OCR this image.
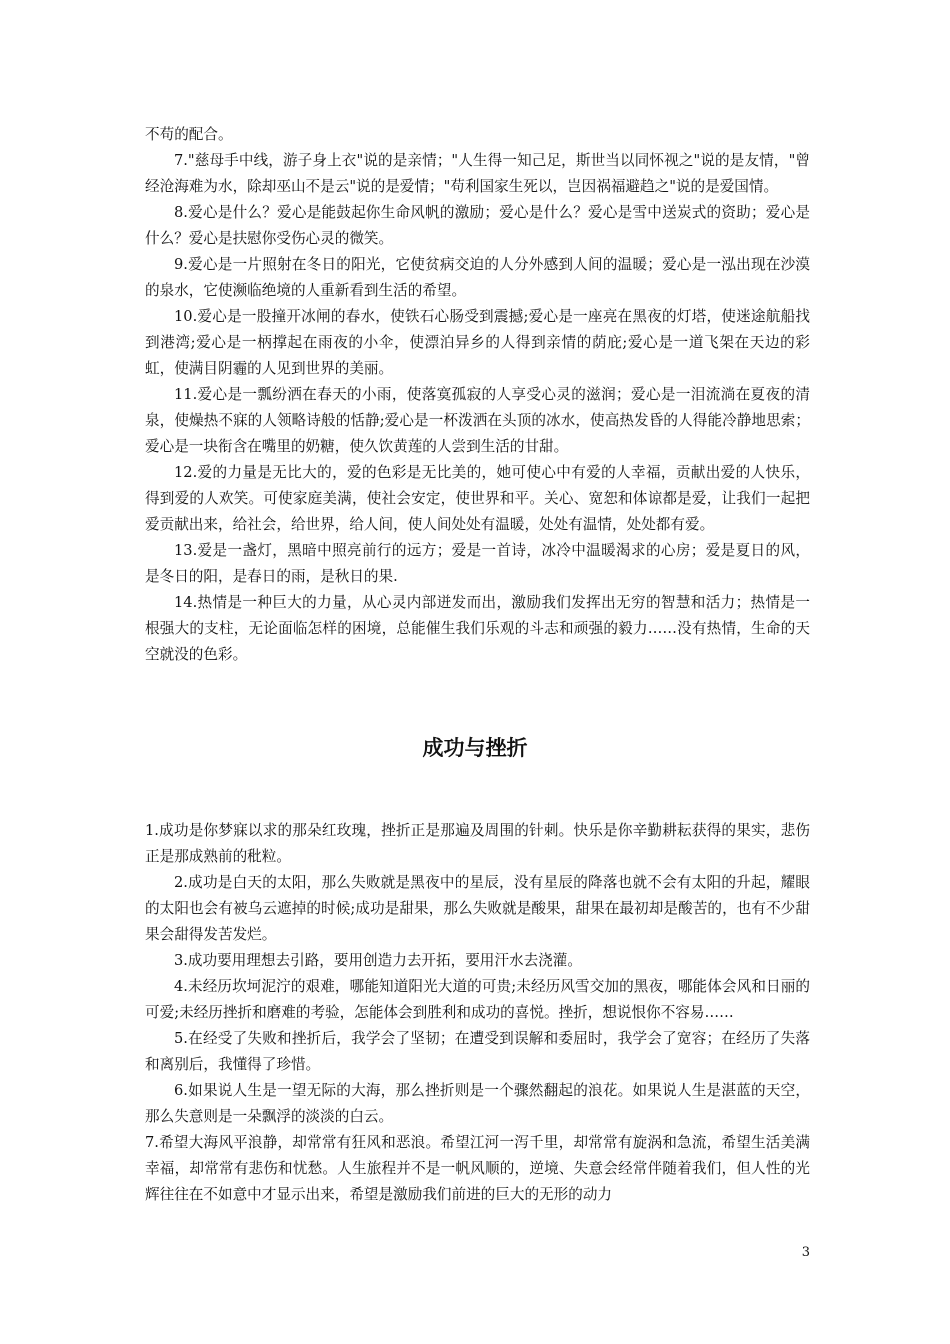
不苟的配合。

7."慈母手中线，游子身上衣"说的是亲情；"人生得一知己足，斯世当以同怀视之"说的是友情，"曾经沧海难为水，除却巫山不是云"说的是爱情；"苟利国家生死以，岂因祸福避趋之"说的是爱国情。

8.爱心是什么？爱心是能鼓起你生命风帆的激励；爱心是什么？爱心是雪中送炭式的资助；爱心是什么？爱心是扶慰你受伤心灵的微笑。

9.爱心是一片照射在冬日的阳光，它使贫病交迫的人分外感到人间的温暖；爱心是一泓出现在沙漠的泉水，它使濒临绝境的人重新看到生活的希望。

10.爱心是一股撞开冰闸的春水，使铁石心肠受到震撼;爱心是一座亮在黑夜的灯塔，使迷途航船找到港湾;爱心是一柄撑起在雨夜的小伞，使漂泊异乡的人得到亲情的荫庇;爱心是一道飞架在天边的彩虹，使满目阴霾的人见到世界的美丽。

11.爱心是一瓢纷洒在春天的小雨，使落寞孤寂的人享受心灵的滋润；爱心是一泪流淌在夏夜的清泉，使燥热不寐的人领略诗般的恬静;爱心是一杯泼洒在头顶的冰水，使高热发昏的人得能冷静地思索；爱心是一块衔含在嘴里的奶糖，使久饮黄莲的人尝到生活的甘甜。

12.爱的力量是无比大的，爱的色彩是无比美的，她可使心中有爱的人幸福，贡献出爱的人快乐，得到爱的人欢笑。可使家庭美满，使社会安定，使世界和平。关心、宽恕和体谅都是爱，让我们一起把爱贡献出来，给社会，给世界，给人间，使人间处处有温暖，处处有温情，处处都有爱。

13.爱是一盏灯，黑暗中照亮前行的远方；爱是一首诗，冰冷中温暖渴求的心房；爱是夏日的风，是冬日的阳，是春日的雨，是秋日的果.

14.热情是一种巨大的力量，从心灵内部迸发而出，激励我们发挥出无穷的智慧和活力；热情是一根强大的支柱，无论面临怎样的困境，总能催生我们乐观的斗志和顽强的毅力……没有热情，生命的天空就没的色彩。

成功与挫折

1.成功是你梦寐以求的那朵红玫瑰，挫折正是那遍及周围的针刺。快乐是你辛勤耕耘获得的果实，悲伤正是那成熟前的秕粒。

2.成功是白天的太阳，那么失败就是黑夜中的星辰，没有星辰的降落也就不会有太阳的升起，耀眼的太阳也会有被乌云遮掉的时候;成功是甜果，那么失败就是酸果，甜果在最初却是酸苦的，也有不少甜果会甜得发苦发烂。

3.成功要用理想去引路，要用创造力去开拓，要用汗水去浇灌。

4.未经历坎坷泥泞的艰难，哪能知道阳光大道的可贵;未经历风雪交加的黑夜，哪能体会风和日丽的可爱;未经历挫折和磨难的考验，怎能体会到胜利和成功的喜悦。挫折，想说恨你不容易……

5.在经受了失败和挫折后，我学会了坚韧；在遭受到误解和委屈时，我学会了宽容；在经历了失落和离别后，我懂得了珍惜。

6.如果说人生是一望无际的大海，那么挫折则是一个骤然翻起的浪花。如果说人生是湛蓝的天空，那么失意则是一朵飘浮的淡淡的白云。

7.希望大海风平浪静，却常常有狂风和恶浪。希望江河一泻千里，却常常有旋涡和急流，希望生活美满幸福，却常常有悲伤和忧愁。人生旅程并不是一帆风顺的，逆境、失意会经常伴随着我们，但人性的光辉往往在不如意中才显示出来，希望是激励我们前进的巨大的无形的动力

3
